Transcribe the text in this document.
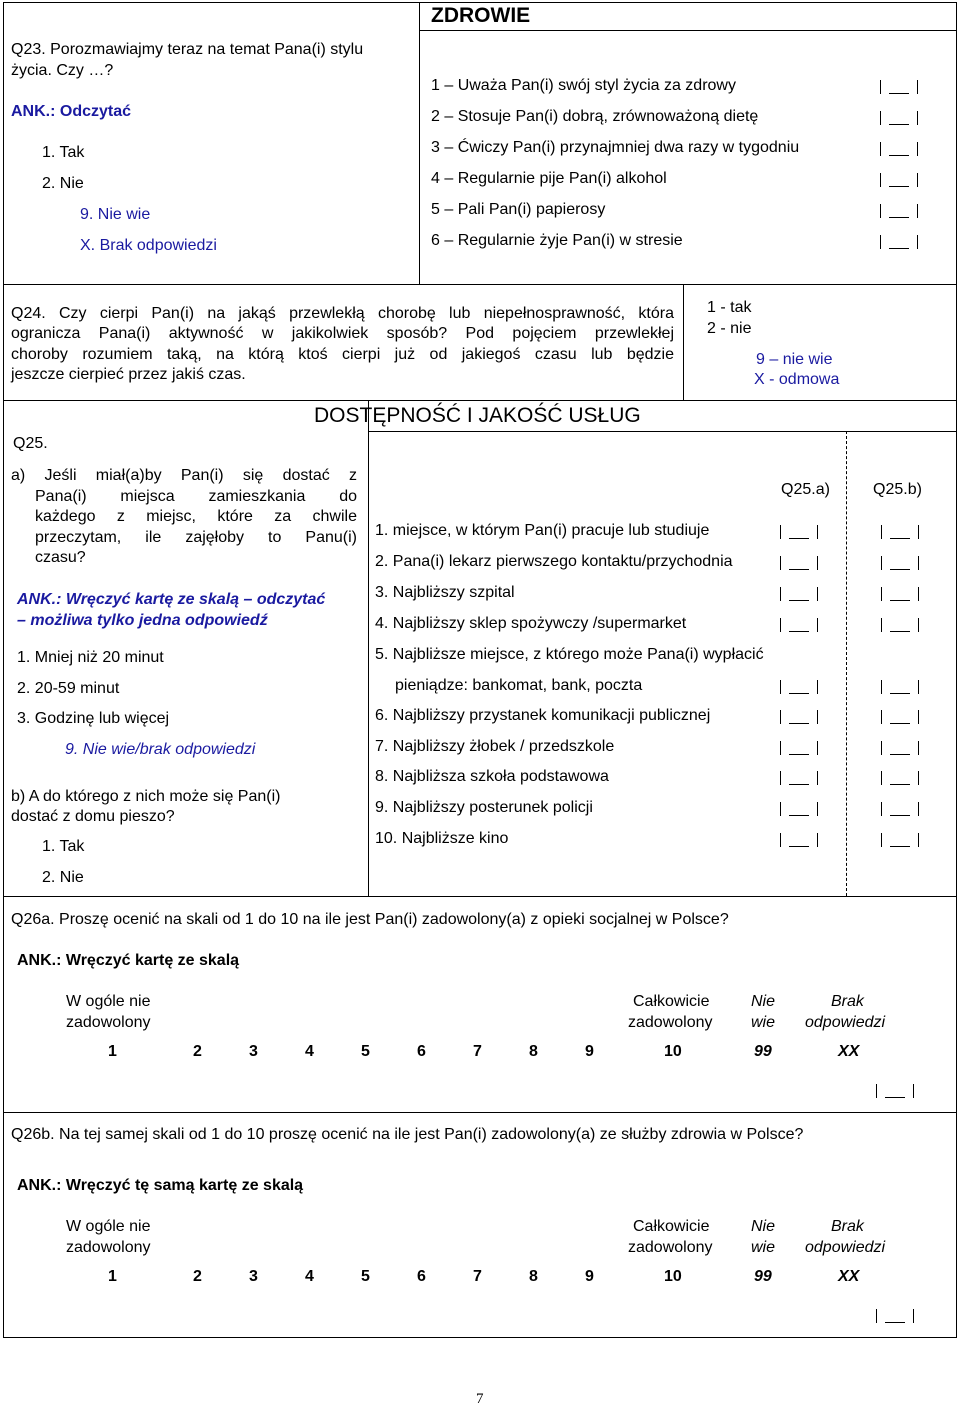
ZDROWIE
Q23. Porozmawiajmy teraz na temat Pana(i) stylu
życia. Czy …?
ANK.: Odczytać
1. Tak
2. Nie
9. Nie wie
X. Brak odpowiedzi
1 – Uważa Pan(i) swój styl życia za zdrowy
2 – Stosuje Pan(i) dobrą, zrównoważoną dietę
3 – Ćwiczy Pan(i) przynajmniej dwa razy w tygodniu
4 – Regularnie pije Pan(i) alkohol
5 – Pali Pan(i) papierosy
6 – Regularnie żyje Pan(i) w stresie
Q24. Czy cierpi Pan(i) na jakąś przewlekłą chorobę lub niepełnosprawność, która
ogranicza Pana(i) aktywność w jakikolwiek sposób? Pod pojęciem przewlekłej
choroby rozumiem taką, na którą ktoś cierpi już od jakiegoś czasu lub będzie
jeszcze cierpieć przez jakiś czas.
1 - tak
2 - nie
9 – nie wie
X - odmowa
DOSTĘPNOŚĆ I JAKOŚĆ USŁUG
Q25.
a) Jeśli miał(a)by Pan(i) się dostać z
Pana(i) miejsca zamieszkania do
każdego z miejsc, które za chwile
przeczytam, ile zajęłoby to Panu(i)
czasu?
ANK.: Wręczyć kartę ze skalą – odczytać
– możliwa tylko jedna odpowiedź
1. Mniej niż 20 minut
2. 20-59 minut
3. Godzinę lub więcej
9. Nie wie/brak odpowiedzi
b) A do którego z nich może się Pan(i)
dostać z domu pieszo?
1. Tak
2. Nie
Q25.a)	Q25.b)
1. miejsce, w którym Pan(i) pracuje lub studiuje
2. Pana(i) lekarz pierwszego kontaktu/przychodnia
3. Najbliższy szpital
4. Najbliższy sklep spożywczy /supermarket
5. Najbliższe miejsce, z którego może Pana(i) wypłacić
pieniądze: bankomat, bank, poczta
6. Najbliższy przystanek komunikacji publicznej
7. Najbliższy żłobek / przedszkole
8. Najbliższa szkoła podstawowa
9. Najbliższy posterunek policji
10. Najbliższe kino
Q26a. Proszę ocenić na skali od 1 do 10 na ile jest Pan(i) zadowolony(a) z opieki socjalnej w Polsce?
ANK.: Wręczyć kartę ze skalą
W ogóle nie
zadowolony
Całkowicie
zadowolony
Nie
wie
Brak
odpowiedzi
1	2	3	4	5	6	7	8	9	10	99	XX
Q26b. Na tej samej skali od 1 do 10 proszę ocenić na ile jest Pan(i) zadowolony(a) ze służby zdrowia w Polsce?
ANK.: Wręczyć tę samą kartę ze skalą
W ogóle nie
zadowolony
Całkowicie
zadowolony
Nie
wie
Brak
odpowiedzi
1	2	3	4	5	6	7	8	9	10	99	XX
7
